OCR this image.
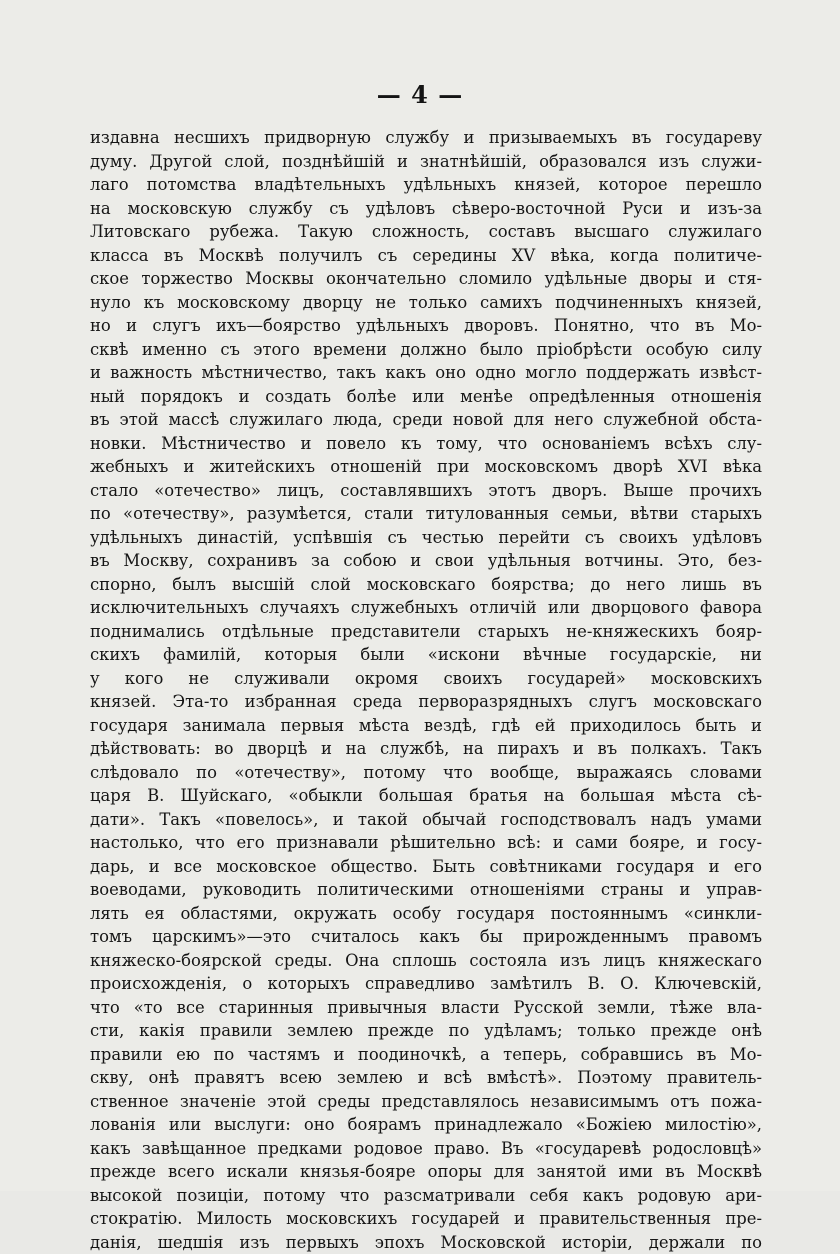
— 4 —
издавна несшихъ придворную службу и призываемыхъ въ государеву
думу. Другой слой, позднѣйшій и знатнѣйшій, образовался изъ служи-
лаго потомства владѣтельныхъ удѣльныхъ князей, которое перешло
на московскую службу съ удѣловъ сѣверо-восточной Руси и изъ-за
Литовскаго рубежа. Такую сложность, составъ высшаго служилаго
класса въ Москвѣ получилъ съ середины XV вѣка, когда политиче-
ское торжество Москвы окончательно сломило удѣльные дворы и стя-
нуло къ московскому дворцу не только самихъ подчиненныхъ князей,
но и слугъ ихъ—боярство удѣльныхъ дворовъ. Понятно, что въ Мо-
сквѣ именно съ этого времени должно было пріобрѣсти особую силу
и важность мѣстничество, такъ какъ оно одно могло поддержать извѣст-
ный порядокъ и создать болѣе или менѣе опредѣленныя отношенія
въ этой массѣ служилаго люда, среди новой для него служебной обста-
новки. Мѣстничество и повело къ тому, что основаніемъ всѣхъ слу-
жебныхъ и житейскихъ отношеній при московскомъ дворѣ XVI вѣка
стало «отечество» лицъ, составлявшихъ этотъ дворъ. Выше прочихъ
по «отечеству», разумѣется, стали титулованныя семьи, вѣтви старыхъ
удѣльныхъ династій, успѣвшія съ честью перейти съ своихъ удѣловъ
въ Москву, сохранивъ за собою и свои удѣльныя вотчины. Это, без-
спорно, былъ высшій слой московскаго боярства; до него лишь въ
исключительныхъ случаяхъ служебныхъ отличій или дворцового фавора
поднимались отдѣльные представители старыхъ не-княжескихъ бояр-
скихъ фамилій, которыя были «искони вѣчные государскіе, ни
у кого не служивали окромя своихъ государей» московскихъ
князей. Эта-то избранная среда первоpазрядныхъ слугъ московскаго
государя занимала первыя мѣста вездѣ, гдѣ ей приходилось быть и
дѣйствовать: во дворцѣ и на службѣ, на пирахъ и въ полкахъ. Такъ
слѣдовало по «отечеству», потому что вообще, выражаясь словами
царя В. Шуйскаго, «обыкли большая братья на большая мѣста сѣ-
дати». Такъ «повелось», и такой обычай господствовалъ надъ умами
настолько, что его признавали рѣшительно всѣ: и сами бояре, и госу-
дарь, и все московское общество. Быть совѣтниками государя и его
воеводами, руководить политическими отношеніями страны и управ-
лять ея областями, окружать особу государя постояннымъ «синкли-
томъ царскимъ»—это считалось какъ бы прирожденнымъ правомъ
княжеско-боярской среды. Она сплошь состояла изъ лицъ княжескаго
происхожденія, о которыхъ справедливо замѣтилъ В. О. Ключевскій,
что «то все старинныя привычныя власти Русской земли, тѣже вла-
сти, какія правили землею прежде по удѣламъ; только прежде онѣ
правили ею по частямъ и поодиночкѣ, а теперь, собравшись въ Мо-
скву, онѣ правятъ всею землею и всѣ вмѣстѣ». Поэтому правитель-
ственное значеніе этой среды представлялось независимымъ отъ пожа-
лованія или выслуги: оно боярамъ принадлежало «Божіею милостію»,
какъ завѣщанное предками родовое право. Въ «государевѣ родословцѣ»
прежде всего искали князья-бояре опоры для занятой ими въ Москвѣ
высокой позиціи, потому что разсматривали себя какъ родовую ари-
стократію. Милость московскихъ государей и правительственныя пре-
данія, шедшія изъ первыхъ эпохъ Московской исторіи, держали по
